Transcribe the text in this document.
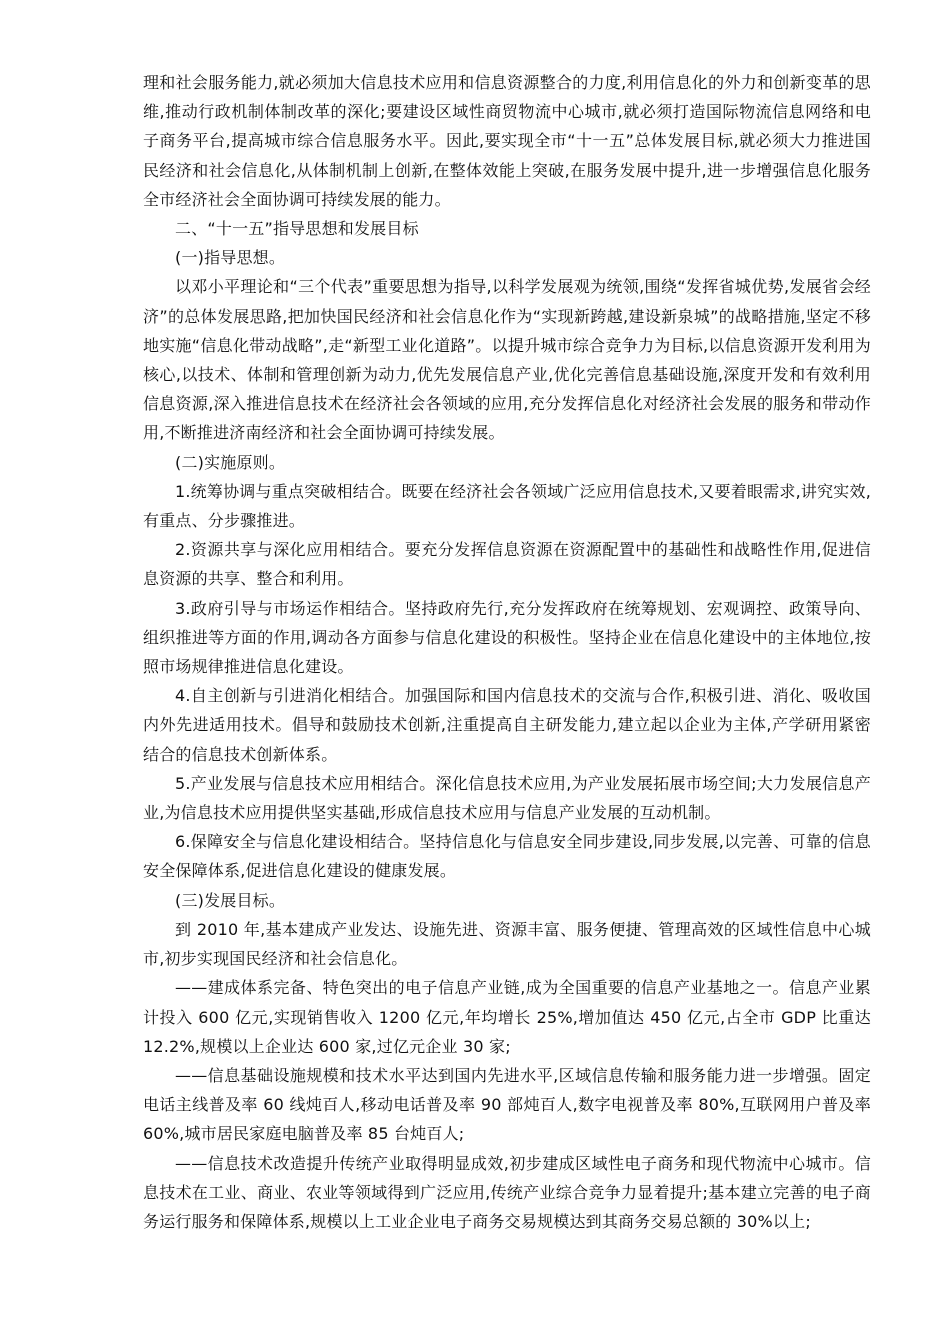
理和社会服务能力,就必须加大信息技术应用和信息资源整合的力度,利用信息化的外力和创新变革的思维,推动行政机制体制改革的深化;要建设区域性商贸物流中心城市,就必须打造国际物流信息网络和电子商务平台,提高城市综合信息服务水平。因此,要实现全市“十一五”总体发展目标,就必须大力推进国民经济和社会信息化,从体制机制上创新,在整体效能上突破,在服务发展中提升,进一步增强信息化服务全市经济社会全面协调可持续发展的能力。

二、“十一五”指导思想和发展目标

(一)指导思想。

以邓小平理论和“三个代表”重要思想为指导,以科学发展观为统领,围绕“发挥省城优势,发展省会经济”的总体发展思路,把加快国民经济和社会信息化作为“实现新跨越,建设新泉城”的战略措施,坚定不移地实施“信息化带动战略”,走“新型工业化道路”。以提升城市综合竞争力为目标,以信息资源开发利用为核心,以技术、体制和管理创新为动力,优先发展信息产业,优化完善信息基础设施,深度开发和有效利用信息资源,深入推进信息技术在经济社会各领域的应用,充分发挥信息化对经济社会发展的服务和带动作用,不断推进济南经济和社会全面协调可持续发展。

(二)实施原则。

1.统筹协调与重点突破相结合。既要在经济社会各领域广泛应用信息技术,又要着眼需求,讲究实效,有重点、分步骤推进。

2.资源共享与深化应用相结合。要充分发挥信息资源在资源配置中的基础性和战略性作用,促进信息资源的共享、整合和利用。

3.政府引导与市场运作相结合。坚持政府先行,充分发挥政府在统筹规划、宏观调控、政策导向、组织推进等方面的作用,调动各方面参与信息化建设的积极性。坚持企业在信息化建设中的主体地位,按照市场规律推进信息化建设。

4.自主创新与引进消化相结合。加强国际和国内信息技术的交流与合作,积极引进、消化、吸收国内外先进适用技术。倡导和鼓励技术创新,注重提高自主研发能力,建立起以企业为主体,产学研用紧密结合的信息技术创新体系。

5.产业发展与信息技术应用相结合。深化信息技术应用,为产业发展拓展市场空间;大力发展信息产业,为信息技术应用提供坚实基础,形成信息技术应用与信息产业发展的互动机制。

6.保障安全与信息化建设相结合。坚持信息化与信息安全同步建设,同步发展,以完善、可靠的信息安全保障体系,促进信息化建设的健康发展。

(三)发展目标。

到 2010 年,基本建成产业发达、设施先进、资源丰富、服务便捷、管理高效的区域性信息中心城市,初步实现国民经济和社会信息化。

——建成体系完备、特色突出的电子信息产业链,成为全国重要的信息产业基地之一。信息产业累计投入 600 亿元,实现销售收入 1200 亿元,年均增长 25%,增加值达 450 亿元,占全市 GDP 比重达 12.2%,规模以上企业达 600 家,过亿元企业 30 家;

——信息基础设施规模和技术水平达到国内先进水平,区域信息传输和服务能力进一步增强。固定电话主线普及率 60 线炖百人,移动电话普及率 90 部炖百人,数字电视普及率 80%,互联网用户普及率 60%,城市居民家庭电脑普及率 85 台炖百人;

——信息技术改造提升传统产业取得明显成效,初步建成区域性电子商务和现代物流中心城市。信息技术在工业、商业、农业等领域得到广泛应用,传统产业综合竞争力显着提升;基本建立完善的电子商务运行服务和保障体系,规模以上工业企业电子商务交易规模达到其商务交易总额的 30%以上;
